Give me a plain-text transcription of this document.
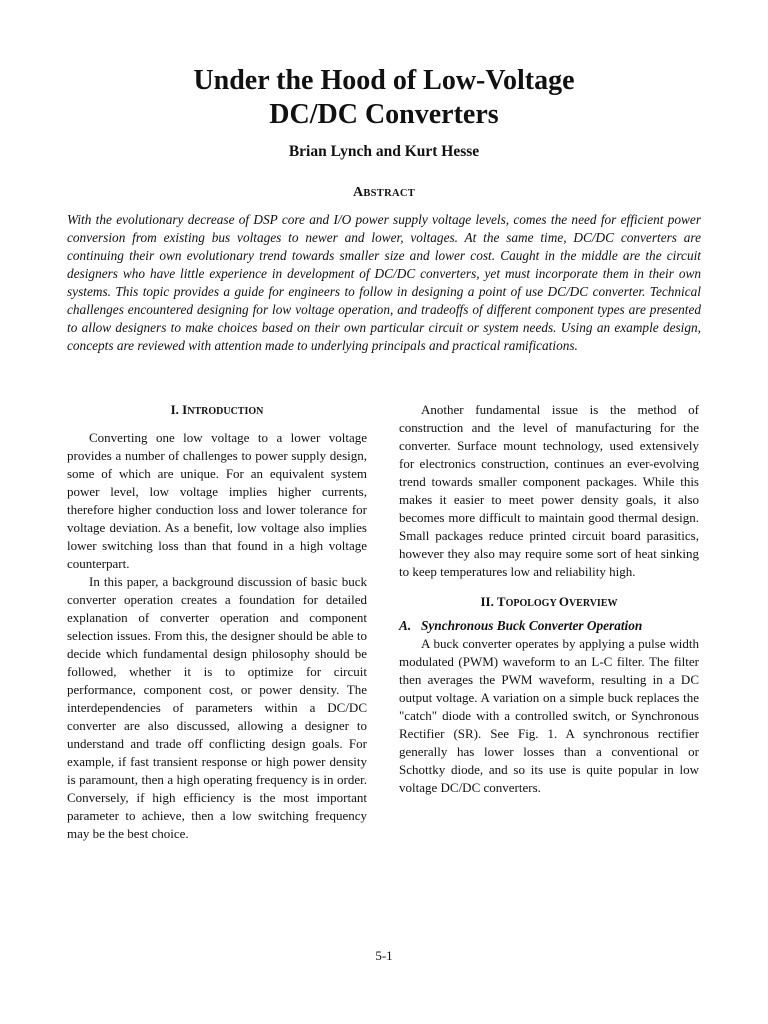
Under the Hood of Low-Voltage
DC/DC Converters
Brian Lynch and Kurt Hesse
ABSTRACT

With the evolutionary decrease of DSP core and I/O power supply voltage levels, comes the need for efficient power conversion from existing bus voltages to newer and lower, voltages. At the same time, DC/DC converters are continuing their own evolutionary trend towards smaller size and lower cost. Caught in the middle are the circuit designers who have little experience in development of DC/DC converters, yet must incorporate them in their own systems. This topic provides a guide for engineers to follow in designing a point of use DC/DC converter. Technical challenges encountered designing for low voltage operation, and tradeoffs of different component types are presented to allow designers to make choices based on their own particular circuit or system needs. Using an example design, concepts are reviewed with attention made to underlying principals and practical ramifications.

I. INTRODUCTION

Converting one low voltage to a lower voltage provides a number of challenges to power supply design, some of which are unique. For an equivalent system power level, low voltage implies higher currents, therefore higher conduction loss and lower tolerance for voltage deviation. As a benefit, low voltage also implies lower switching loss than that found in a high voltage counterpart.

In this paper, a background discussion of basic buck converter operation creates a foundation for detailed explanation of converter operation and component selection issues. From this, the designer should be able to decide which fundamental design philosophy should be followed, whether it is to optimize for circuit performance, component cost, or power density. The interdependencies of parameters within a DC/DC converter are also discussed, allowing a designer to understand and trade off conflicting design goals. For example, if fast transient response or high power density is paramount, then a high operating frequency is in order. Conversely, if high efficiency is the most important parameter to achieve, then a low switching frequency may be the best choice.

Another fundamental issue is the method of construction and the level of manufacturing for the converter. Surface mount technology, used extensively for electronics construction, continues an ever-evolving trend towards smaller component packages. While this makes it easier to meet power density goals, it also becomes more difficult to maintain good thermal design. Small packages reduce printed circuit board parasitics, however they also may require some sort of heat sinking to keep temperatures low and reliability high.

II. TOPOLOGY OVERVIEW
A. Synchronous Buck Converter Operation

A buck converter operates by applying a pulse width modulated (PWM) waveform to an L-C filter. The filter then averages the PWM waveform, resulting in a DC output voltage. A variation on a simple buck replaces the "catch" diode with a controlled switch, or Synchronous Rectifier (SR). See Fig. 1. A synchronous rectifier generally has lower losses than a conventional or Schottky diode, and so its use is quite popular in low voltage DC/DC converters.

5-1
